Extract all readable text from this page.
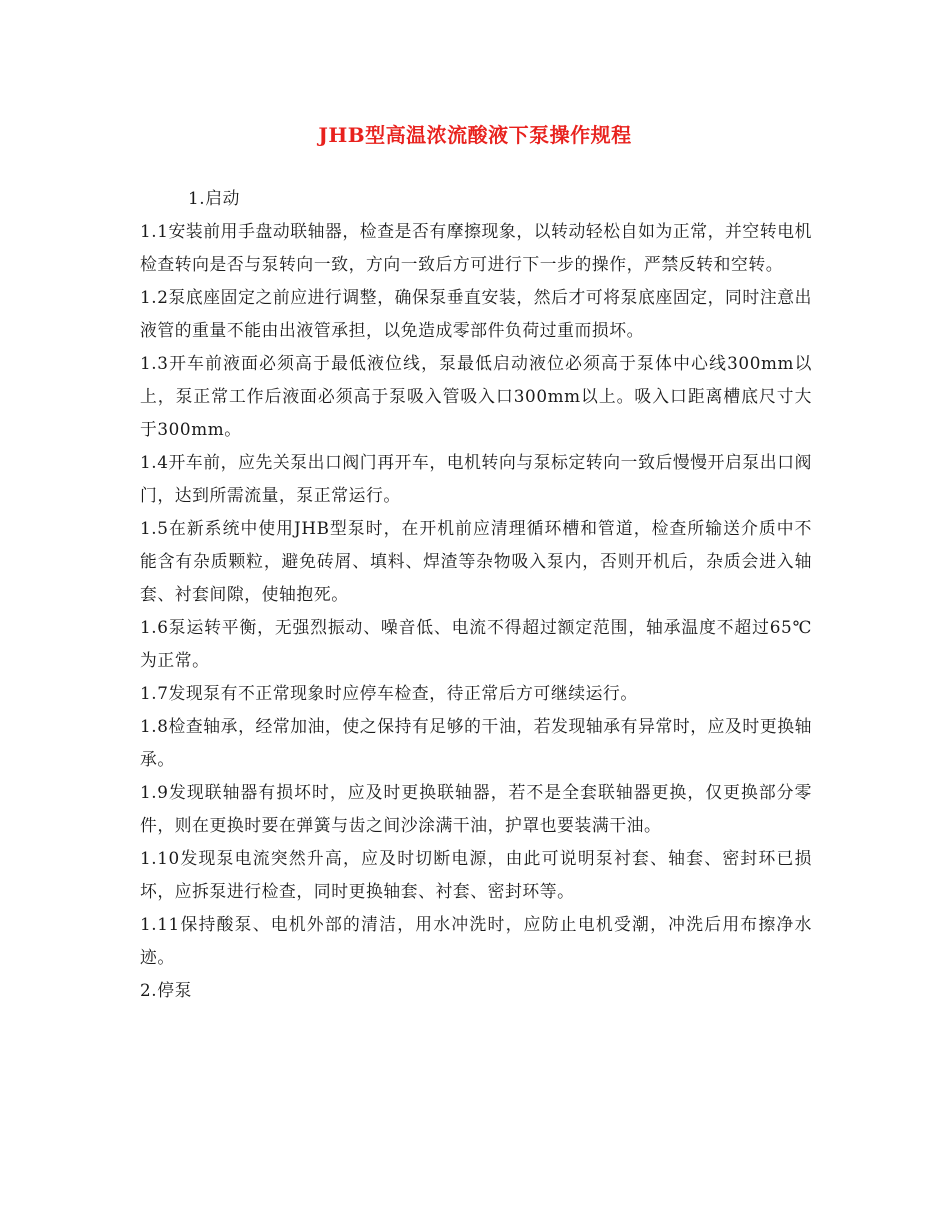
JHB型高温浓流酸液下泵操作规程

1.启动

1.1安装前用手盘动联轴器，检查是否有摩擦现象，以转动轻松自如为正常，并空转电机检查转向是否与泵转向一致，方向一致后方可进行下一步的操作，严禁反转和空转。

1.2泵底座固定之前应进行调整，确保泵垂直安装，然后才可将泵底座固定，同时注意出液管的重量不能由出液管承担，以免造成零部件负荷过重而损坏。

1.3开车前液面必须高于最低液位线，泵最低启动液位必须高于泵体中心线300mm以上，泵正常工作后液面必须高于泵吸入管吸入口300mm以上。吸入口距离槽底尺寸大于300mm。

1.4开车前，应先关泵出口阀门再开车，电机转向与泵标定转向一致后慢慢开启泵出口阀门，达到所需流量，泵正常运行。

1.5在新系统中使用JHB型泵时，在开机前应清理循环槽和管道，检查所输送介质中不能含有杂质颗粒，避免砖屑、填料、焊渣等杂物吸入泵内，否则开机后，杂质会进入轴套、衬套间隙，使轴抱死。

1.6泵运转平衡，无强烈振动、噪音低、电流不得超过额定范围，轴承温度不超过65℃为正常。

1.7发现泵有不正常现象时应停车检查，待正常后方可继续运行。

1.8检查轴承，经常加油，使之保持有足够的干油，若发现轴承有异常时，应及时更换轴承。

1.9发现联轴器有损坏时，应及时更换联轴器，若不是全套联轴器更换，仅更换部分零件，则在更换时要在弹簧与齿之间沙涂满干油，护罩也要装满干油。

1.10发现泵电流突然升高，应及时切断电源，由此可说明泵衬套、轴套、密封环已损坏，应拆泵进行检查，同时更换轴套、衬套、密封环等。

1.11保持酸泵、电机外部的清洁，用水冲洗时，应防止电机受潮，冲洗后用布擦净水迹。

2.停泵
